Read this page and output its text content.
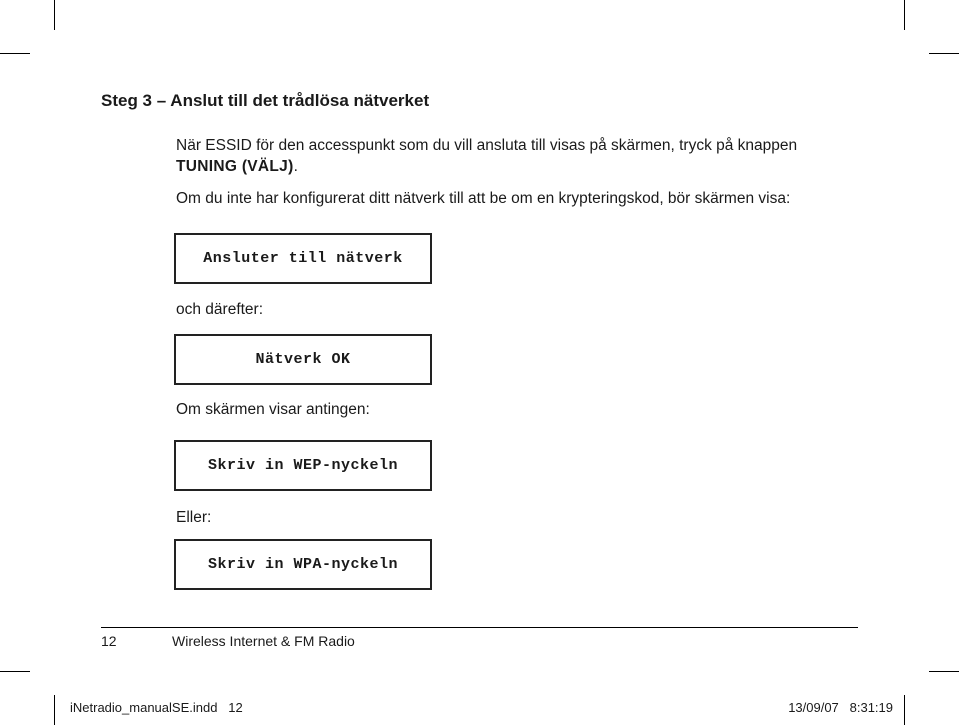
Steg 3 – Anslut till det trådlösa nätverket
När ESSID för den accesspunkt som du vill ansluta till visas på skärmen, tryck på knappen
TUNING (VÄLJ).
Om du inte har konfigurerat ditt nätverk till att be om en krypteringskod, bör skärmen visa:
Ansluter till nätverk
och därefter:
Nätverk OK
Om skärmen visar antingen:
Skriv in WEP-nyckeln
Eller:
Skriv in WPA-nyckeln
12	Wireless Internet & FM Radio
iNetradio_manualSE.indd   12	13/09/07   8:31:19
